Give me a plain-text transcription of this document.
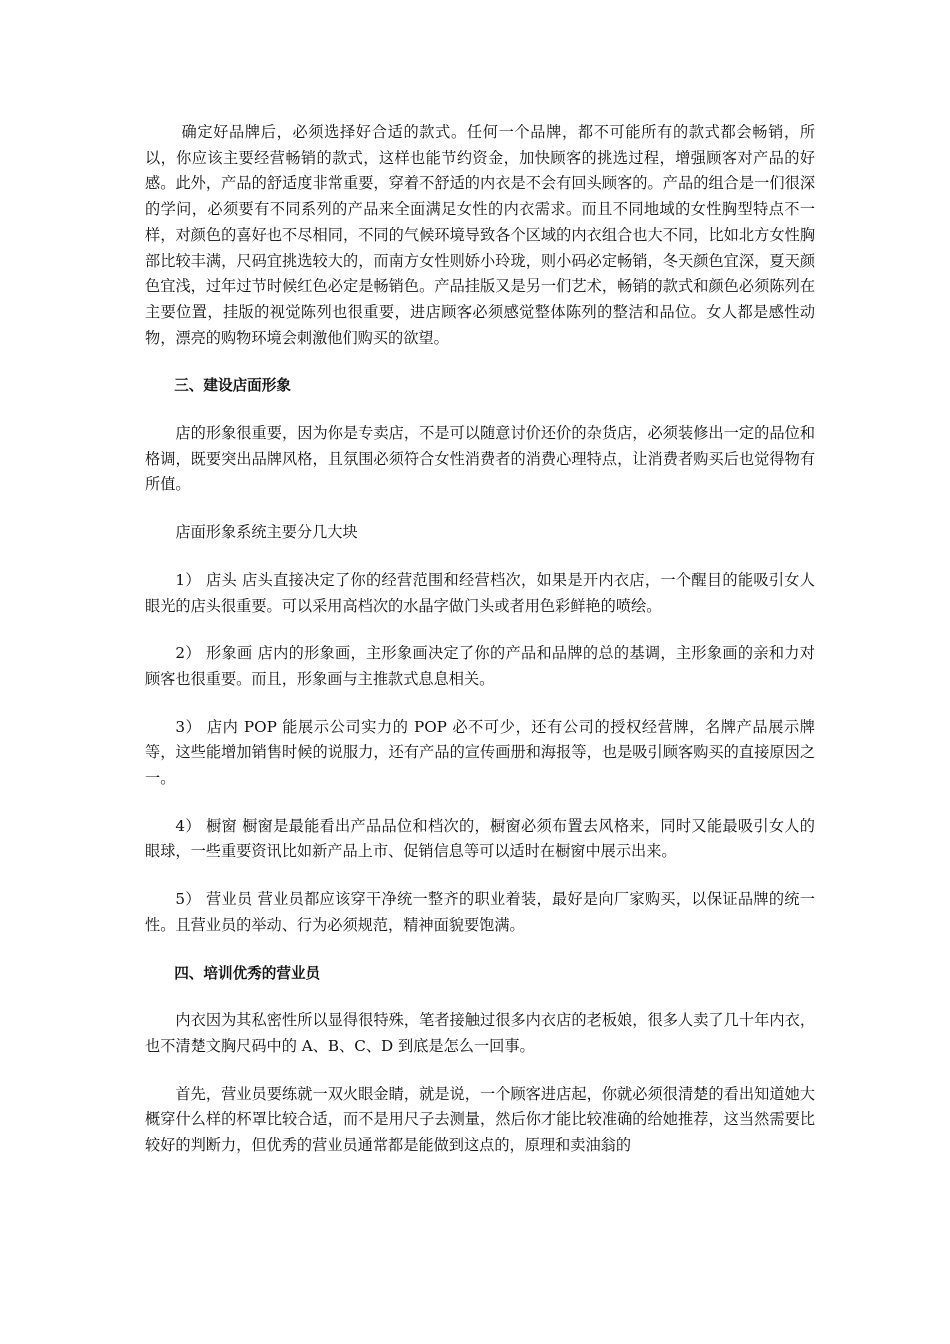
确定好品牌后，必须选择好合适的款式。任何一个品牌，都不可能所有的款式都会畅销，所以，你应该主要经营畅销的款式，这样也能节约资金，加快顾客的挑选过程，增强顾客对产品的好感。此外，产品的舒适度非常重要，穿着不舒适的内衣是不会有回头顾客的。产品的组合是一们很深的学问，必须要有不同系列的产品来全面满足女性的内衣需求。而且不同地域的女性胸型特点不一样，对颜色的喜好也不尽相同，不同的气候环境导致各个区域的内衣组合也大不同，比如北方女性胸部比较丰满，尺码宜挑选较大的，而南方女性则娇小玲珑，则小码必定畅销，冬天颜色宜深，夏天颜色宜浅，过年过节时候红色必定是畅销色。产品挂版又是另一们艺术，畅销的款式和颜色必须陈列在主要位置，挂版的视觉陈列也很重要，进店顾客必须感觉整体陈列的整洁和品位。女人都是感性动物，漂亮的购物环境会刺激他们购买的欲望。

三、建设店面形象

店的形象很重要，因为你是专卖店，不是可以随意讨价还价的杂货店，必须装修出一定的品位和格调，既要突出品牌风格，且氛围必须符合女性消费者的消费心理特点，让消费者购买后也觉得物有所值。

店面形象系统主要分几大块

1） 店头 店头直接决定了你的经营范围和经营档次，如果是开内衣店，一个醒目的能吸引女人眼光的店头很重要。可以采用高档次的水晶字做门头或者用色彩鲜艳的喷绘。

2） 形象画 店内的形象画，主形象画决定了你的产品和品牌的总的基调，主形象画的亲和力对顾客也很重要。而且，形象画与主推款式息息相关。

3） 店内 POP 能展示公司实力的 POP 必不可少，还有公司的授权经营牌，名牌产品展示牌等，这些能增加销售时候的说服力，还有产品的宣传画册和海报等，也是吸引顾客购买的直接原因之一。

4） 橱窗 橱窗是最能看出产品品位和档次的，橱窗必须布置去风格来，同时又能最吸引女人的眼球，一些重要资讯比如新产品上市、促销信息等可以适时在橱窗中展示出来。

5） 营业员 营业员都应该穿干净统一整齐的职业着装，最好是向厂家购买，以保证品牌的统一性。且营业员的举动、行为必须规范，精神面貌要饱满。

四、培训优秀的营业员

内衣因为其私密性所以显得很特殊，笔者接触过很多内衣店的老板娘，很多人卖了几十年内衣，也不清楚文胸尺码中的 A、B、C、D 到底是怎么一回事。

首先，营业员要练就一双火眼金睛，就是说，一个顾客进店起，你就必须很清楚的看出知道她大概穿什么样的杯罩比较合适，而不是用尺子去测量，然后你才能比较准确的给她推荐，这当然需要比较好的判断力，但优秀的营业员通常都是能做到这点的，原理和卖油翁的
